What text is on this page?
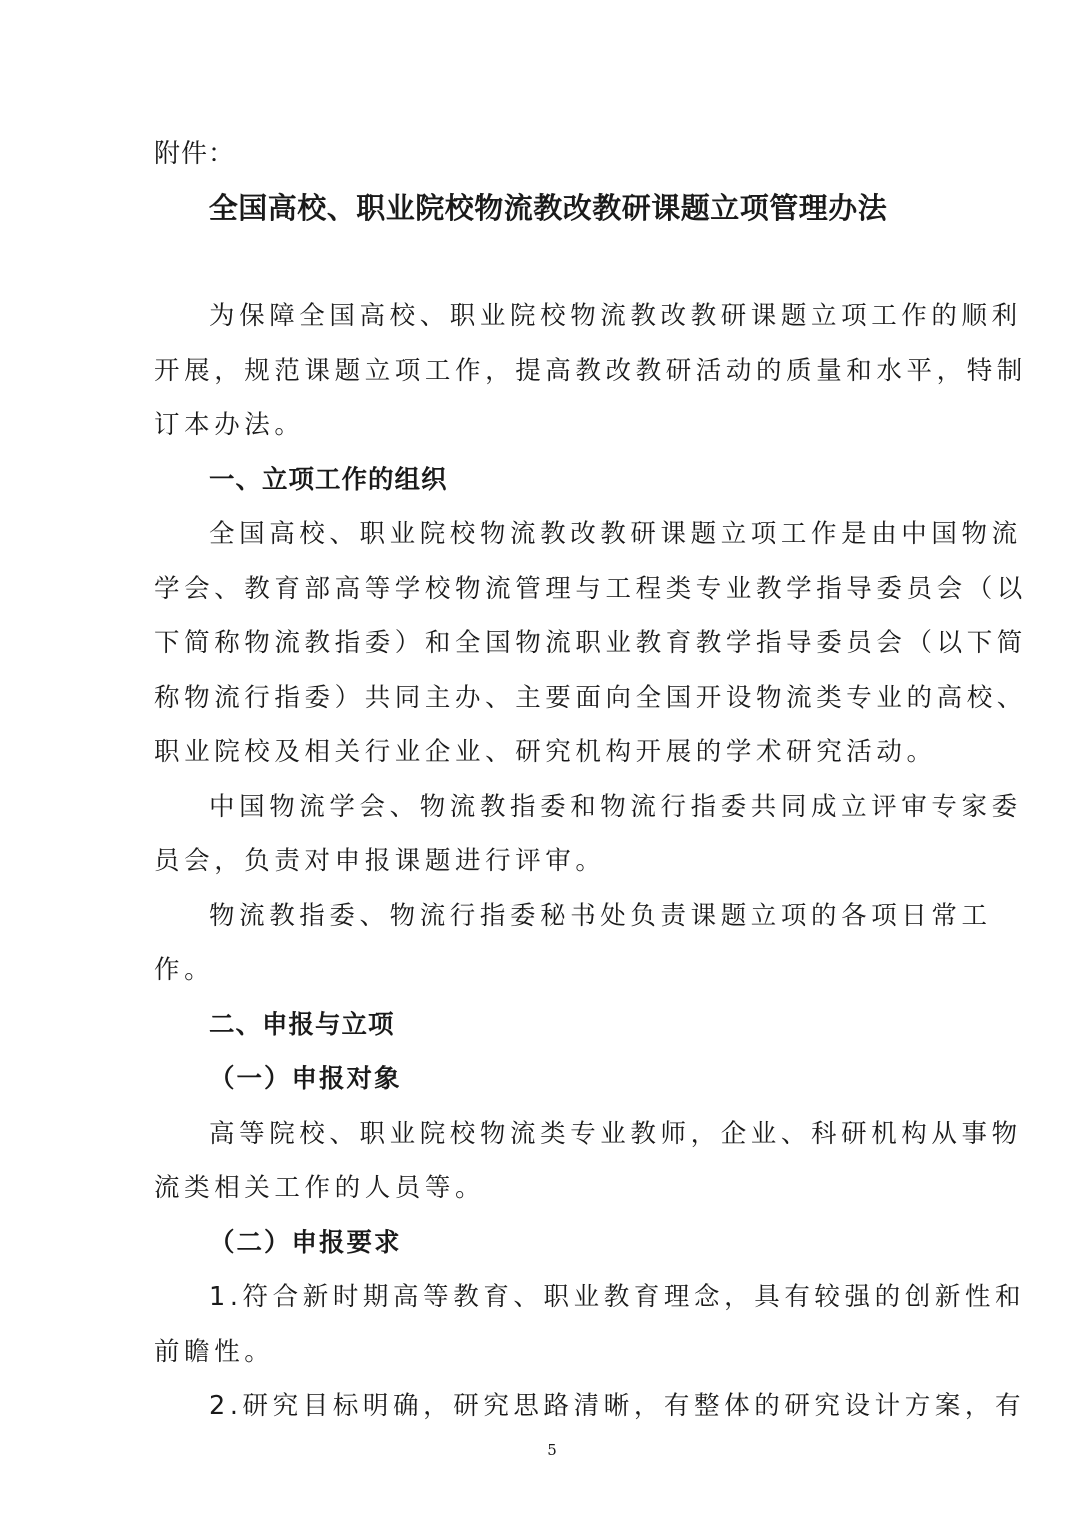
附件：
全国高校、职业院校物流教改教研课题立项管理办法
为保障全国高校、职业院校物流教改教研课题立项工作的顺利
开展，规范课题立项工作，提高教改教研活动的质量和水平，特制
订本办法。
一、立项工作的组织
全国高校、职业院校物流教改教研课题立项工作是由中国物流
学会、教育部高等学校物流管理与工程类专业教学指导委员会（以
下简称物流教指委）和全国物流职业教育教学指导委员会（以下简
称物流行指委）共同主办、主要面向全国开设物流类专业的高校、
职业院校及相关行业企业、研究机构开展的学术研究活动。
中国物流学会、物流教指委和物流行指委共同成立评审专家委
员会，负责对申报课题进行评审。
物流教指委、物流行指委秘书处负责课题立项的各项日常工
作。
二、申报与立项
（一）申报对象
高等院校、职业院校物流类专业教师，企业、科研机构从事物
流类相关工作的人员等。
（二）申报要求
1.符合新时期高等教育、职业教育理念，具有较强的创新性和
前瞻性。
2.研究目标明确，研究思路清晰，有整体的研究设计方案，有
5
